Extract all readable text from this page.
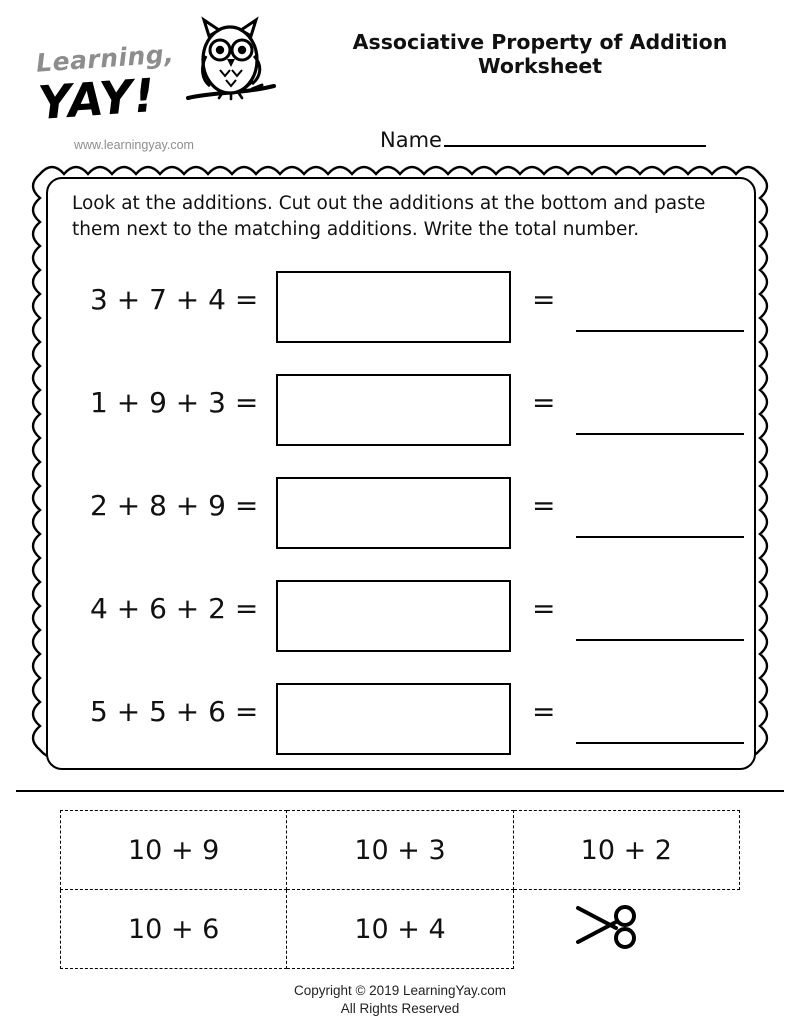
Learning,
YAY!
www.learningyay.com
Associative Property of Addition Worksheet
Name
Look at the additions. Cut out the additions at the bottom and paste them next to the matching additions. Write the total number.
3 + 7 + 4 =	=
1 + 9 + 3 =	=
2 + 8 + 9 =	=
4 + 6 + 2 =	=
5 + 5 + 6 =	=
10 + 9	10 + 3	10 + 2
10 + 6	10 + 4	
Copyright © 2019 LearningYay.com
All Rights Reserved
